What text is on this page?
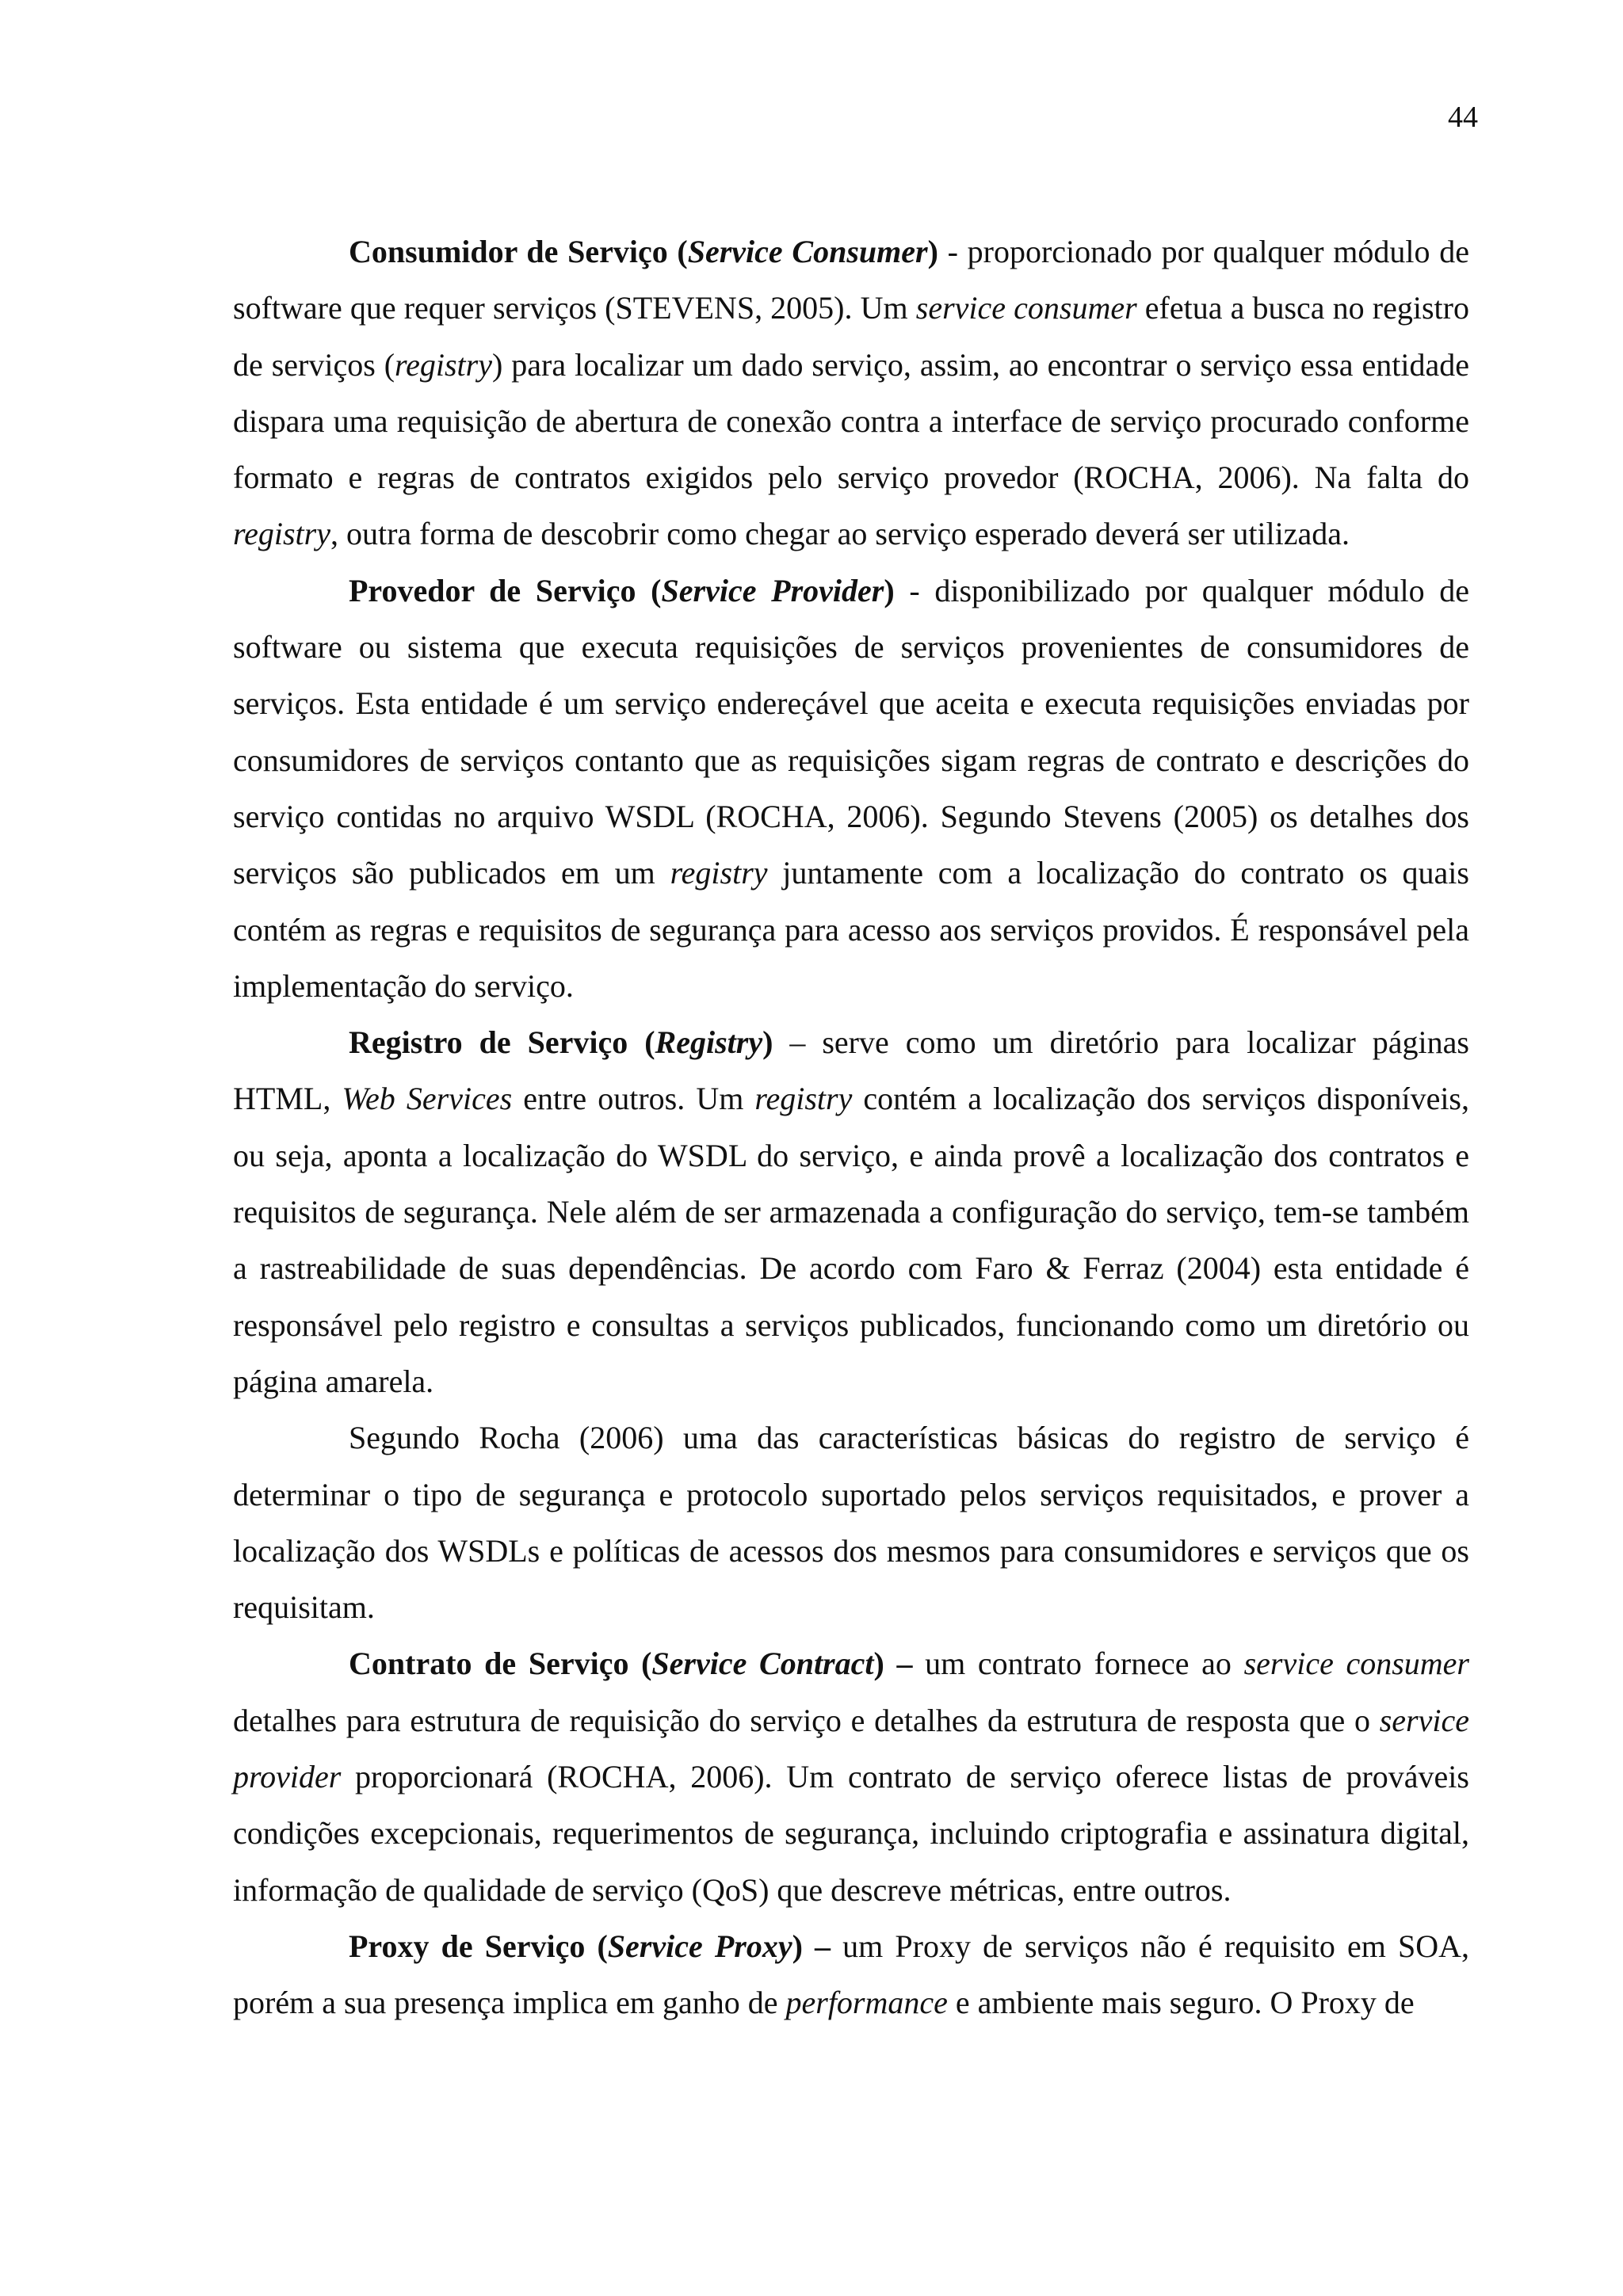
44

Consumidor de Serviço (Service Consumer) - proporcionado por qualquer módulo de software que requer serviços (STEVENS, 2005). Um service consumer efetua a busca no registro de serviços (registry) para localizar um dado serviço, assim, ao encontrar o serviço essa entidade dispara uma requisição de abertura de conexão contra a interface de serviço procurado conforme formato e regras de contratos exigidos pelo serviço provedor (ROCHA, 2006). Na falta do registry, outra forma de descobrir como chegar ao serviço esperado deverá ser utilizada.

Provedor de Serviço (Service Provider) - disponibilizado por qualquer módulo de software ou sistema que executa requisições de serviços provenientes de consumidores de serviços. Esta entidade é um serviço endereçável que aceita e executa requisições enviadas por consumidores de serviços contanto que as requisições sigam regras de contrato e descrições do serviço contidas no arquivo WSDL (ROCHA, 2006). Segundo Stevens (2005) os detalhes dos serviços são publicados em um registry juntamente com a localização do contrato os quais contém as regras e requisitos de segurança para acesso aos serviços providos. É responsável pela implementação do serviço.

Registro de Serviço (Registry) – serve como um diretório para localizar páginas HTML, Web Services entre outros. Um registry contém a localização dos serviços disponíveis, ou seja, aponta a localização do WSDL do serviço, e ainda provê a localização dos contratos e requisitos de segurança. Nele além de ser armazenada a configuração do serviço, tem-se também a rastreabilidade de suas dependências. De acordo com Faro & Ferraz (2004) esta entidade é responsável pelo registro e consultas a serviços publicados, funcionando como um diretório ou página amarela.

Segundo Rocha (2006) uma das características básicas do registro de serviço é determinar o tipo de segurança e protocolo suportado pelos serviços requisitados, e prover a localização dos WSDLs e políticas de acessos dos mesmos para consumidores e serviços que os requisitam.

Contrato de Serviço (Service Contract) – um contrato fornece ao service consumer detalhes para estrutura de requisição do serviço e detalhes da estrutura de resposta que o service provider proporcionará (ROCHA, 2006). Um contrato de serviço oferece listas de prováveis condições excepcionais, requerimentos de segurança, incluindo criptografia e assinatura digital, informação de qualidade de serviço (QoS) que descreve métricas, entre outros.

Proxy de Serviço (Service Proxy) – um Proxy de serviços não é requisito em SOA, porém a sua presença implica em ganho de performance e ambiente mais seguro. O Proxy de
